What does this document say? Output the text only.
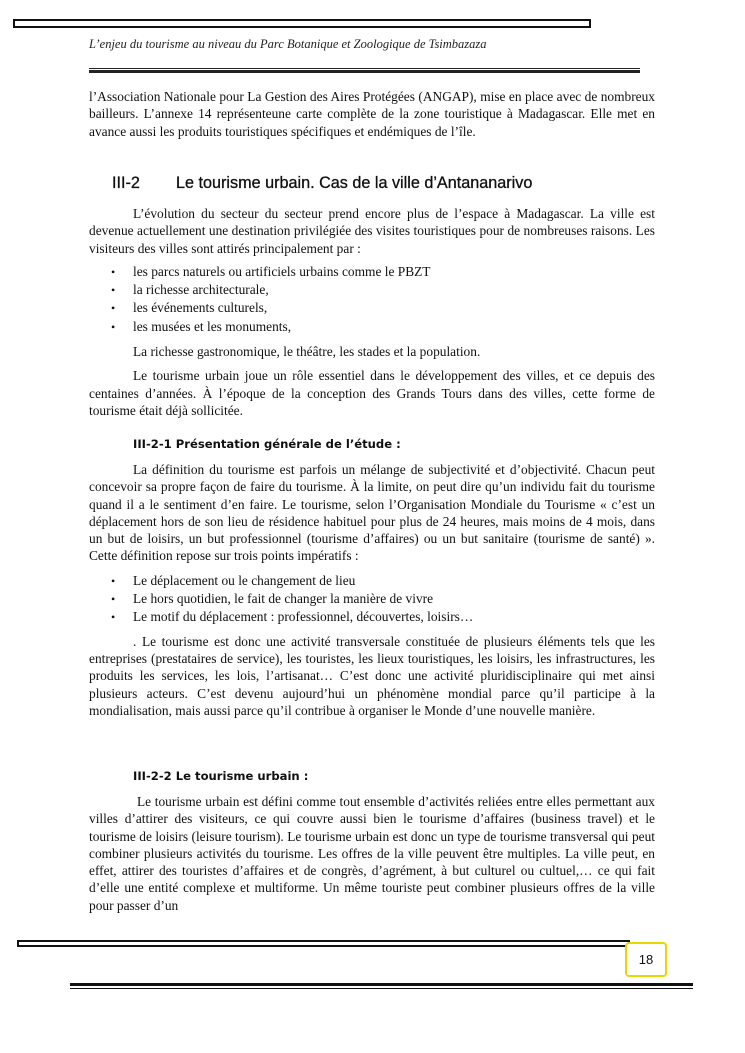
L’enjeu du tourisme au niveau du Parc Botanique et Zoologique de Tsimbazaza

l’Association Nationale pour La Gestion des Aires Protégées (ANGAP), mise en place avec de nombreux bailleurs. L’annexe 14 représenteune carte complète de la zone touristique à Madagascar. Elle met en avance aussi les produits touristiques spécifiques et endémiques de l’île.

III-2 Le tourisme urbain. Cas de la ville d’Antananarivo

L’évolution du secteur du secteur prend encore plus de l’espace à Madagascar. La ville est devenue actuellement une destination privilégiée des visites touristiques pour de nombreuses raisons. Les visiteurs des villes sont attirés principalement par :

• les parcs naturels ou artificiels urbains comme le PBZT
• la richesse architecturale,
• les événements culturels,
• les musées et les monuments,

La richesse gastronomique, le théâtre, les stades et la population.

Le tourisme urbain joue un rôle essentiel dans le développement des villes, et ce depuis des centaines d’années. À l’époque de la conception des Grands Tours dans des villes, cette forme de tourisme était déjà sollicitée.

III-2-1 Présentation générale de l’étude :

La définition du tourisme est parfois un mélange de subjectivité et d’objectivité. Chacun peut concevoir sa propre façon de faire du tourisme. À la limite, on peut dire qu’un individu fait du tourisme quand il a le sentiment d’en faire. Le tourisme, selon l’Organisation Mondiale du Tourisme « c’est un déplacement hors de son lieu de résidence habituel pour plus de 24 heures, mais moins de 4 mois, dans un but de loisirs, un but professionnel (tourisme d’affaires) ou un but sanitaire (tourisme de santé) ». Cette définition repose sur trois points impératifs :

• Le déplacement ou le changement de lieu
• Le hors quotidien, le fait de changer la manière de vivre
• Le motif du déplacement : professionnel, découvertes, loisirs…

. Le tourisme est donc une activité transversale constituée de plusieurs éléments tels que les entreprises (prestataires de service), les touristes, les lieux touristiques, les loisirs, les infrastructures, les produits les services, les lois, l’artisanat… C’est donc une activité pluridisciplinaire qui met ainsi plusieurs acteurs. C’est devenu aujourd’hui un phénomène mondial parce qu’il participe à la mondialisation, mais aussi parce qu’il contribue à organiser le Monde d’une nouvelle manière.

III-2-2 Le tourisme urbain :

Le tourisme urbain est défini comme tout ensemble d’activités reliées entre elles permettant aux villes d’attirer des visiteurs, ce qui couvre aussi bien le tourisme d’affaires (business travel) et le tourisme de loisirs (leisure tourism). Le tourisme urbain est donc un type de tourisme transversal qui peut combiner plusieurs activités du tourisme. Les offres de la ville peuvent être multiples. La ville peut, en effet, attirer des touristes d’affaires et de congrès, d’agrément, à but culturel ou cultuel,… ce qui fait d’elle une entité complexe et multiforme. Un même touriste peut combiner plusieurs offres de la ville pour passer d’un

18
